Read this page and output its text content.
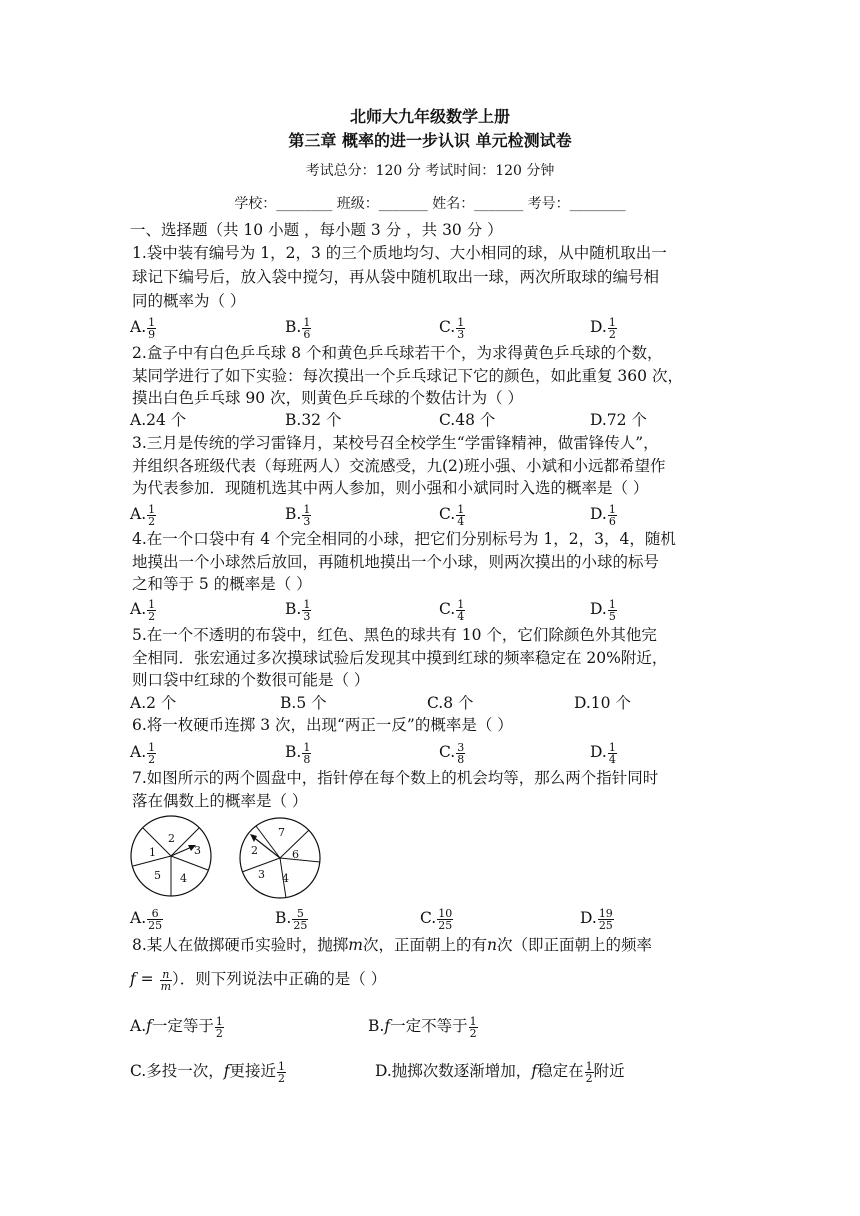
北师大九年级数学上册
第三章 概率的进一步认识 单元检测试卷
考试总分：120 分 考试时间：120 分钟
学校：________ 班级：_______ 姓名：_______ 考号：________
一、选择题（共 10 小题 ，每小题 3 分 ，共 30 分 ）
1.袋中装有编号为 1，2，3 的三个质地均匀、大小相同的球，从中随机取出一
球记下编号后，放入袋中搅匀，再从袋中随机取出一球，两次所取球的编号相
同的概率为（ ）
A. $\frac{1}{9}$	B. $\frac{1}{6}$	C. $\frac{1}{3}$	D. $\frac{1}{2}$
2.盒子中有白色乒乓球 8 个和黄色乒乓球若干个，为求得黄色乒乓球的个数，
某同学进行了如下实验：每次摸出一个乒乓球记下它的颜色，如此重复 360 次，
摸出白色乒乓球 90 次，则黄色乒乓球的个数估计为（ ）
A.24 个	B.32 个	C.48 个	D.72 个
3.三月是传统的学习雷锋月，某校号召全校学生“学雷锋精神，做雷锋传人”，
并组织各班级代表（每班两人）交流感受，九(2)班小强、小斌和小远都希望作
为代表参加．现随机选其中两人参加，则小强和小斌同时入选的概率是（ ）
A. $\frac{1}{2}$	B. $\frac{1}{3}$	C. $\frac{1}{4}$	D. $\frac{1}{6}$
4.在一个口袋中有 4 个完全相同的小球，把它们分别标号为 1，2，3，4，随机
地摸出一个小球然后放回，再随机地摸出一个小球，则两次摸出的小球的标号
之和等于 5 的概率是（ ）
A. $\frac{1}{2}$	B. $\frac{1}{3}$	C. $\frac{1}{4}$	D. $\frac{1}{5}$
5.在一个不透明的布袋中，红色、黑色的球共有 10 个，它们除颜色外其他完
全相同．张宏通过多次摸球试验后发现其中摸到红球的频率稳定在 20%附近，
则口袋中红球的个数很可能是（ ）
A.2 个	B.5 个	C.8 个	D.10 个
6.将一枚硬币连掷 3 次，出现“两正一反”的概率是（ ）
A. $\frac{1}{2}$	B. $\frac{1}{8}$	C. $\frac{3}{8}$	D. $\frac{1}{4}$
7.如图所示的两个圆盘中，指针停在每个数上的机会均等，那么两个指针同时
落在偶数上的概率是（ ）
1
2
3
4
5
2
7
6
4
3
A. $\frac{6}{25}$	B. $\frac{5}{25}$	C. $\frac{10}{25}$	D. $\frac{19}{25}$
8.某人在做掷硬币实验时，抛掷m次，正面朝上的有n次（即正面朝上的频率
$f = \frac{n}{m}$ ）．则下列说法中正确的是（ ）
A.f一定等于 $\frac{1}{2}$	B.f一定不等于 $\frac{1}{2}$
C.多投一次，f更接近 $\frac{1}{2}$	D.抛掷次数逐渐增加，f稳定在 $\frac{1}{2}$ 附近
